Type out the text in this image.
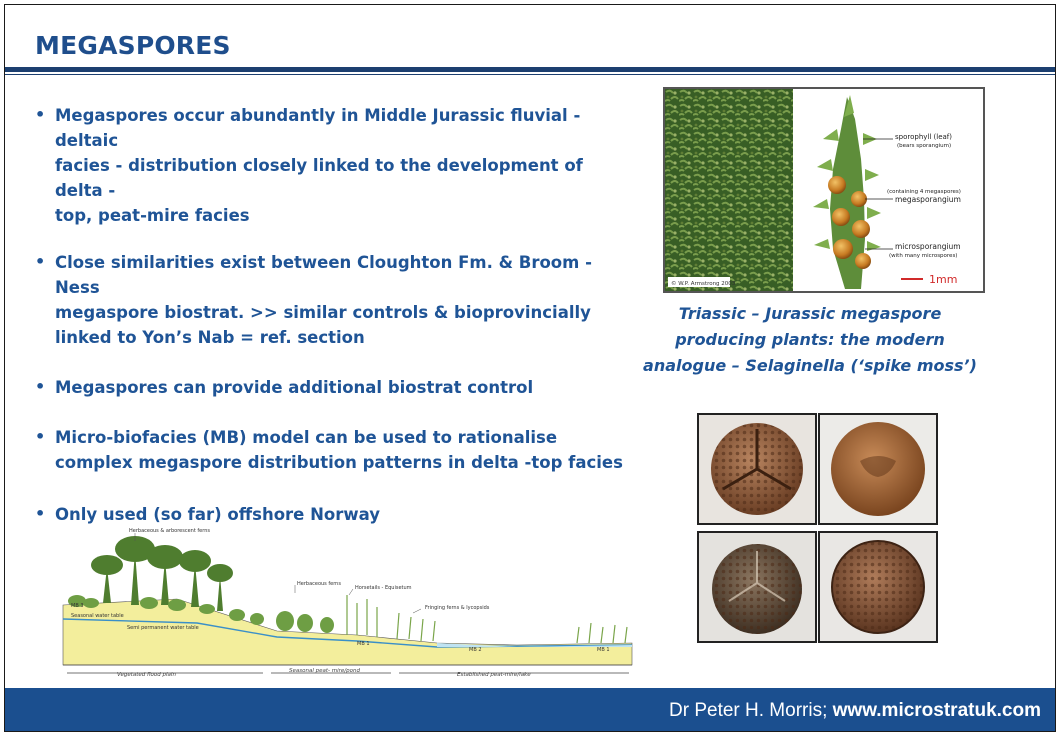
MEGASPORES
• Megaspores occur abundantly in Middle Jurassic fluvial -deltaic
facies - distribution closely linked to the development of delta -
top, peat-mire facies
• Close similarities exist between Cloughton Fm. & Broom -Ness
megaspore biostrat. >> similar controls & bioprovincially
linked to Yon’s Nab = ref. section
• Megaspores can provide additional biostrat control
• Micro-biofacies (MB) model can be used to rationalise
complex megaspore distribution patterns in delta -top facies
• Only used (so far) offshore Norway
© W.P. Armstrong 2003
sporophyll (leaf)
(bears sporangium)
(containing 4 megaspores)
megasporangium
microsporangium
(with many microspores)
1mm
Triassic – Jurassic megaspore
producing plants: the modern
analogue – Selaginella (‘spike moss’)
Herbaceous & arborescent ferns
Herbaceous ferns
Horsetails - Equisetum
Fringing ferns & lycopsids
Seasonal water table
Semi permanent water table
MB 3
MB 1
MB 2	MB 1
Vegetated flood plain
Seasonal peat- mire/pond
Established peat-mire/lake
Dr Peter H. Morris; www.microstratuk.com
